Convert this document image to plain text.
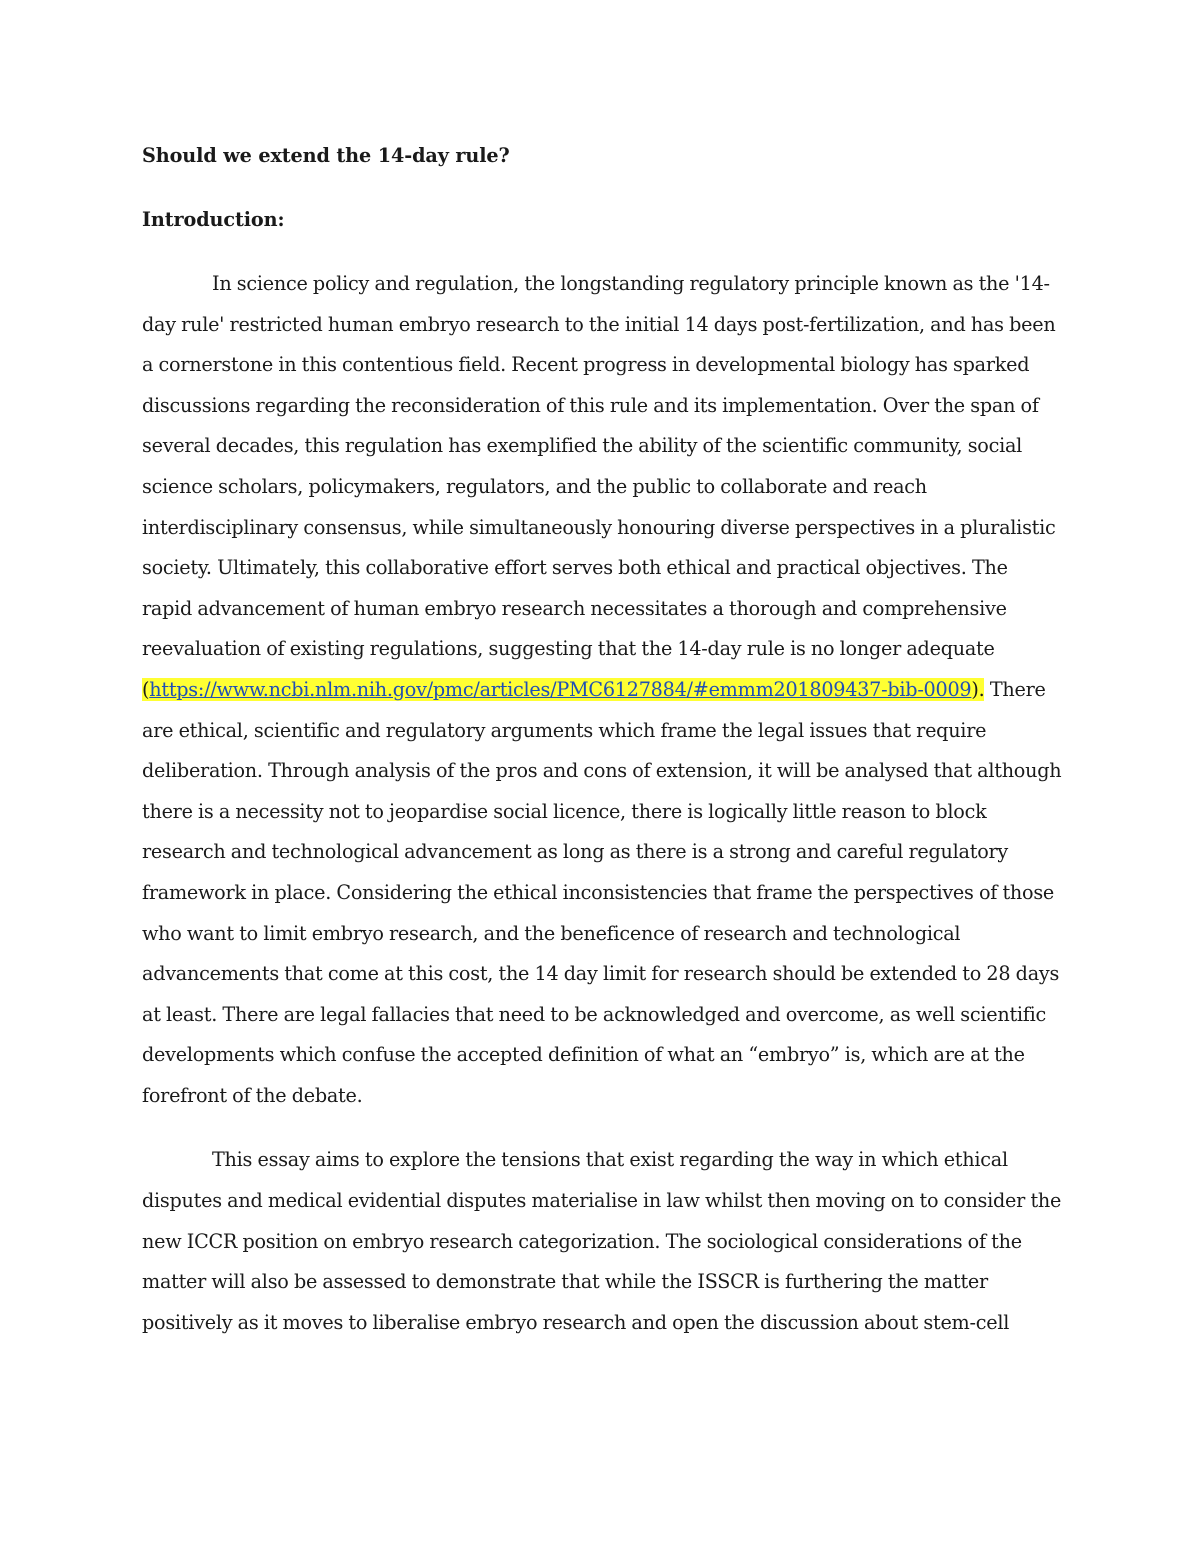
Should we extend the 14-day rule?

Introduction:

In science policy and regulation, the longstanding regulatory principle known as the '14-day rule' restricted human embryo research to the initial 14 days post-fertilization, and has been a cornerstone in this contentious field. Recent progress in developmental biology has sparked discussions regarding the reconsideration of this rule and its implementation. Over the span of several decades, this regulation has exemplified the ability of the scientific community, social science scholars, policymakers, regulators, and the public to collaborate and reach interdisciplinary consensus, while simultaneously honouring diverse perspectives in a pluralistic society. Ultimately, this collaborative effort serves both ethical and practical objectives. The rapid advancement of human embryo research necessitates a thorough and comprehensive reevaluation of existing regulations, suggesting that the 14-day rule is no longer adequate (https://www.ncbi.nlm.nih.gov/pmc/articles/PMC6127884/#emmm201809437-bib-0009). There are ethical, scientific and regulatory arguments which frame the legal issues that require deliberation. Through analysis of the pros and cons of extension, it will be analysed that although there is a necessity not to jeopardise social licence, there is logically little reason to block research and technological advancement as long as there is a strong and careful regulatory framework in place. Considering the ethical inconsistencies that frame the perspectives of those who want to limit embryo research, and the beneficence of research and technological advancements that come at this cost, the 14 day limit for research should be extended to 28 days at least. There are legal fallacies that need to be acknowledged and overcome, as well scientific developments which confuse the accepted definition of what an “embryo” is, which are at the forefront of the debate.

This essay aims to explore the tensions that exist regarding the way in which ethical disputes and medical evidential disputes materialise in law whilst then moving on to consider the new ICCR position on embryo research categorization. The sociological considerations of the matter will also be assessed to demonstrate that while the ISSCR is furthering the matter positively as it moves to liberalise embryo research and open the discussion about stem-cell
